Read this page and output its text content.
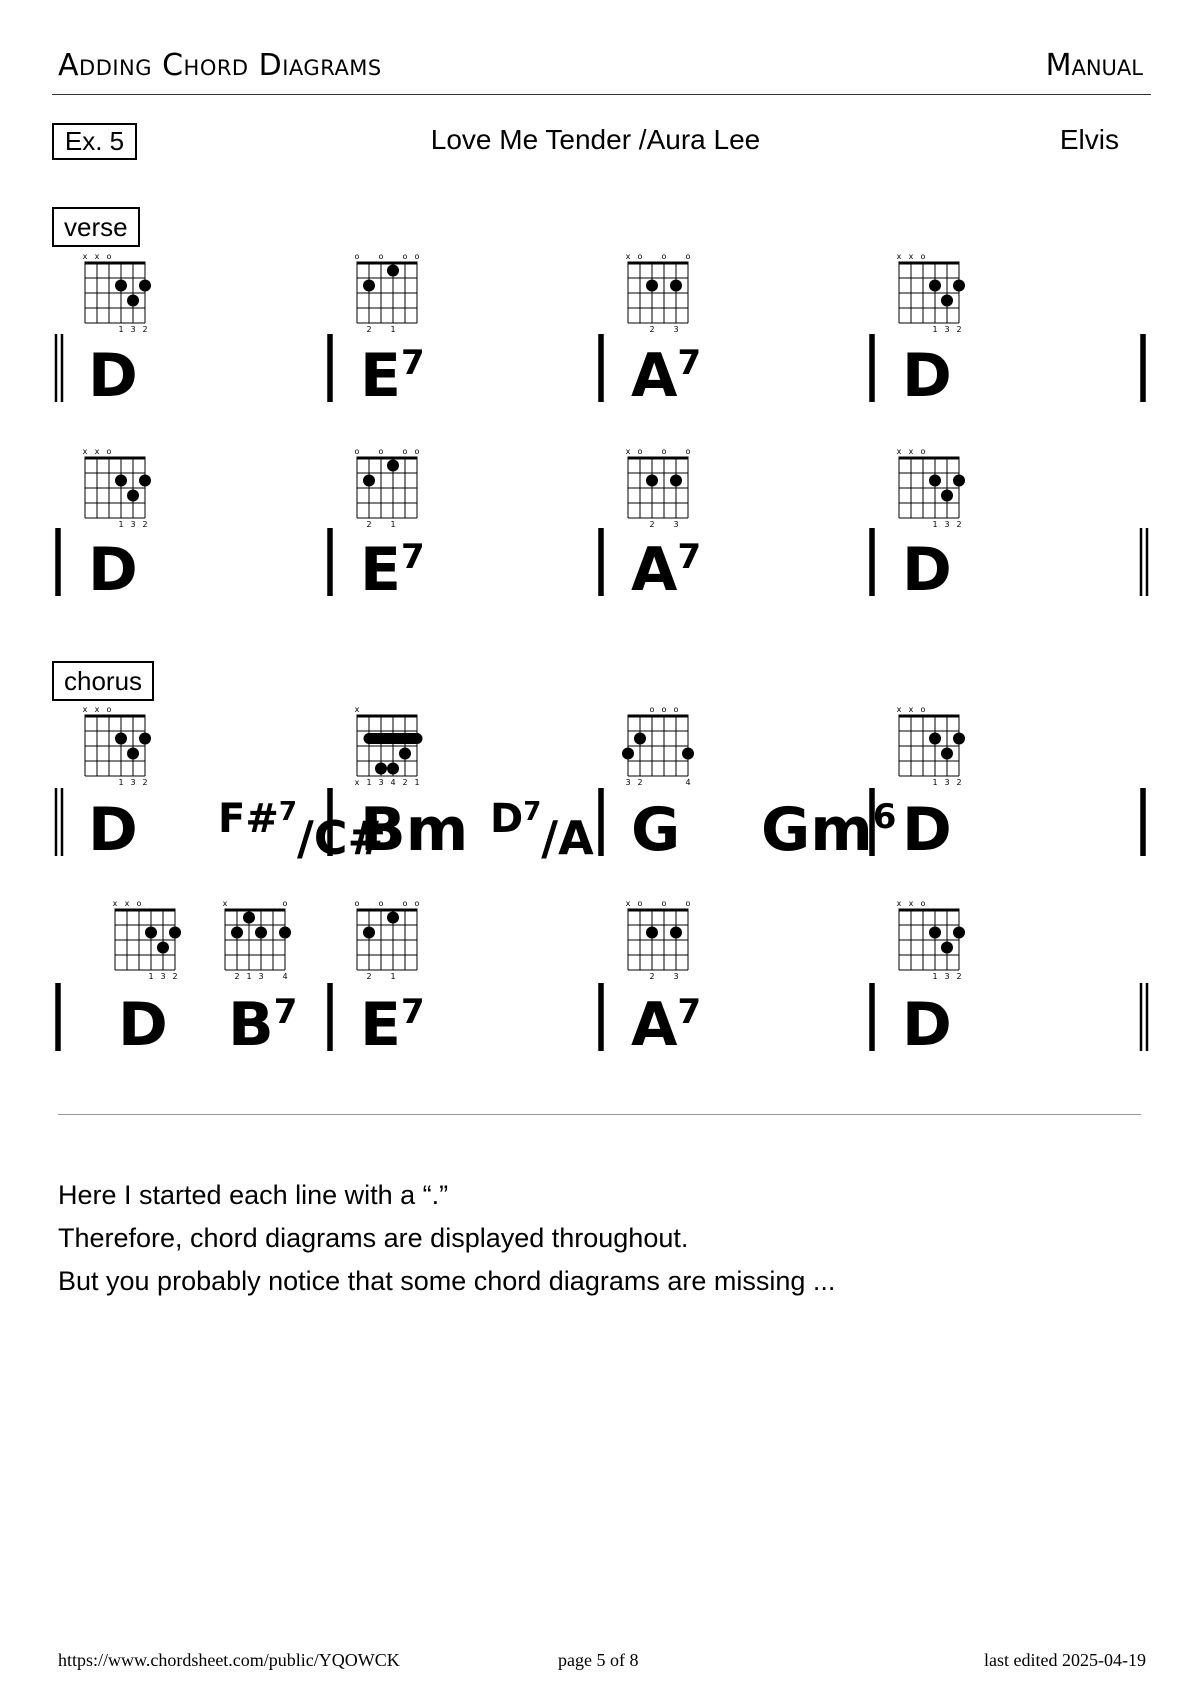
Adding Chord Diagrams	Manual
Ex. 5	Love Me Tender /Aura Lee	Elvis
verse
chorus
x x o
1 3 2
D
o o o o
2 1
$E^7$
x o o o
2 3
$A^7$
x x o
1 3 2
D
x x o
1 3 2
D
o o o o
2 1
$E^7$
x o o o
2 3
$A^7$
x x o
1 3 2
D
x x o
1 3 2
D $^{F\#7}_{/C\#}$
x
x 1 3 4 2 1
Bm $^{D7}_{/A}$
o o o
3 2	4
G Gm$^6$
x x o
1 3 2
D
x x o
1 3 2
D
x	o
2 1 3 4
$B^7$
o o o o
2 1
$E^7$
x o o o
2 3
$A^7$
x x o
1 3 2
D
Here I started each line with a “.”
Therefore, chord diagrams are displayed throughout.
But you probably notice that some chord diagrams are missing ...
https://www.chordsheet.com/public/YQOWCK	page 5 of 8	last edited 2025-04-19
